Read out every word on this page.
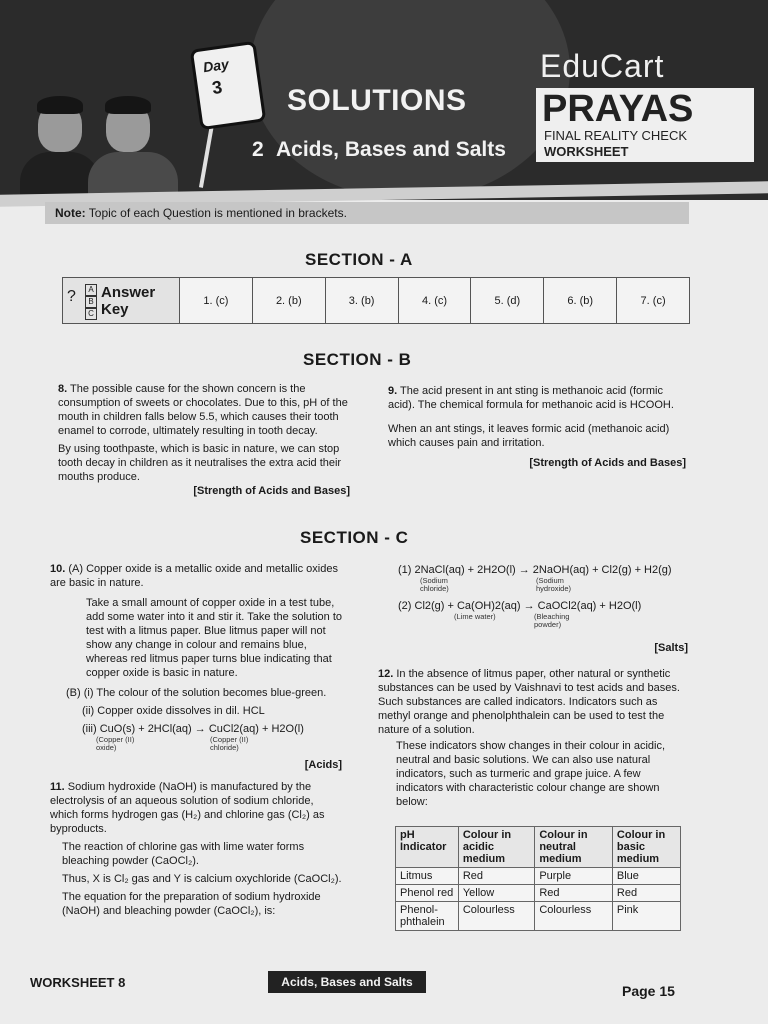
Day
3 SOLUTIONS
2 Acids, Bases and Salts
EduCart
PRAYAS
FINAL REALITY CHECK
WORKSHEET
Note: Topic of each Question is mentioned in brackets.
SECTION - A
?	A
B
C
Answer
Key	1. (c)	2. (b)	3. (b)	4. (c)	5. (d)	6. (b)	7. (c)
SECTION - B

8. The possible cause for the shown concern is the consumption of sweets or chocolates. Due to this, pH of the mouth in children falls below 5.5, which causes their tooth enamel to corrode, ultimately resulting in tooth decay.

By using toothpaste, which is basic in nature, we can stop tooth decay in children as it neutralises the extra acid their mouths produce.

[Strength of Acids and Bases]

9. The acid present in ant sting is methanoic acid (formic acid). The chemical formula for methanoic acid is HCOOH.

When an ant stings, it leaves formic acid (methanoic acid) which causes pain and irritation.

[Strength of Acids and Bases]

SECTION - C

10. (A) Copper oxide is a metallic oxide and metallic oxides are basic in nature.

Take a small amount of copper oxide in a test tube, add some water into it and stir it. Take the solution to test with a litmus paper. Blue litmus paper will not show any change in colour and remains blue, whereas red litmus paper turns blue indicating that copper oxide is basic in nature.

(B) (i) The colour of the solution becomes blue-green.

(ii) Copper oxide dissolves in dil. HCL

(iii) CuO(s) + 2HCl(aq) → CuCl2(aq) + H2O(l)

(Copper (II) oxide)
(Copper (II) chloride)

[Acids]

11. Sodium hydroxide (NaOH) is manufactured by the electrolysis of an aqueous solution of sodium chloride, which forms hydrogen gas (H₂) and chlorine gas (Cl₂) as byproducts.

The reaction of chlorine gas with lime water forms bleaching powder (CaOCl₂).

Thus, X is Cl₂ gas and Y is calcium oxychloride (CaOCl₂).

The equation for the preparation of sodium hydroxide (NaOH) and bleaching powder (CaOCl₂), is:

(1) 2NaCl(aq) + 2H2O(l) → 2NaOH(aq) + Cl2(g) + H2(g)

(Sodium chloride)
(Sodium hydroxide)

(2) Cl2(g) + Ca(OH)2(aq) → CaOCl2(aq) + H2O(l)

(Lime water)	(Bleaching powder)

[Salts]

12. In the absence of litmus paper, other natural or synthetic substances can be used by Vaishnavi to test acids and bases. Such substances are called indicators. Indicators such as methyl orange and phenolphthalein can be used to test the nature of a solution.

These indicators show changes in their colour in acidic, neutral and basic solutions. We can also use natural indicators, such as turmeric and grape juice. A few indicators with characteristic colour change are shown below:

pH Indicator	Colour in acidic medium	Colour in neutral medium	Colour in basic medium
Litmus	Red	Purple	Blue
Phenol red	Yellow	Red	Red
Phenol-phthalein	Colourless	Colourless	Pink
WORKSHEET 8	Acids, Bases and Salts
Page 15
